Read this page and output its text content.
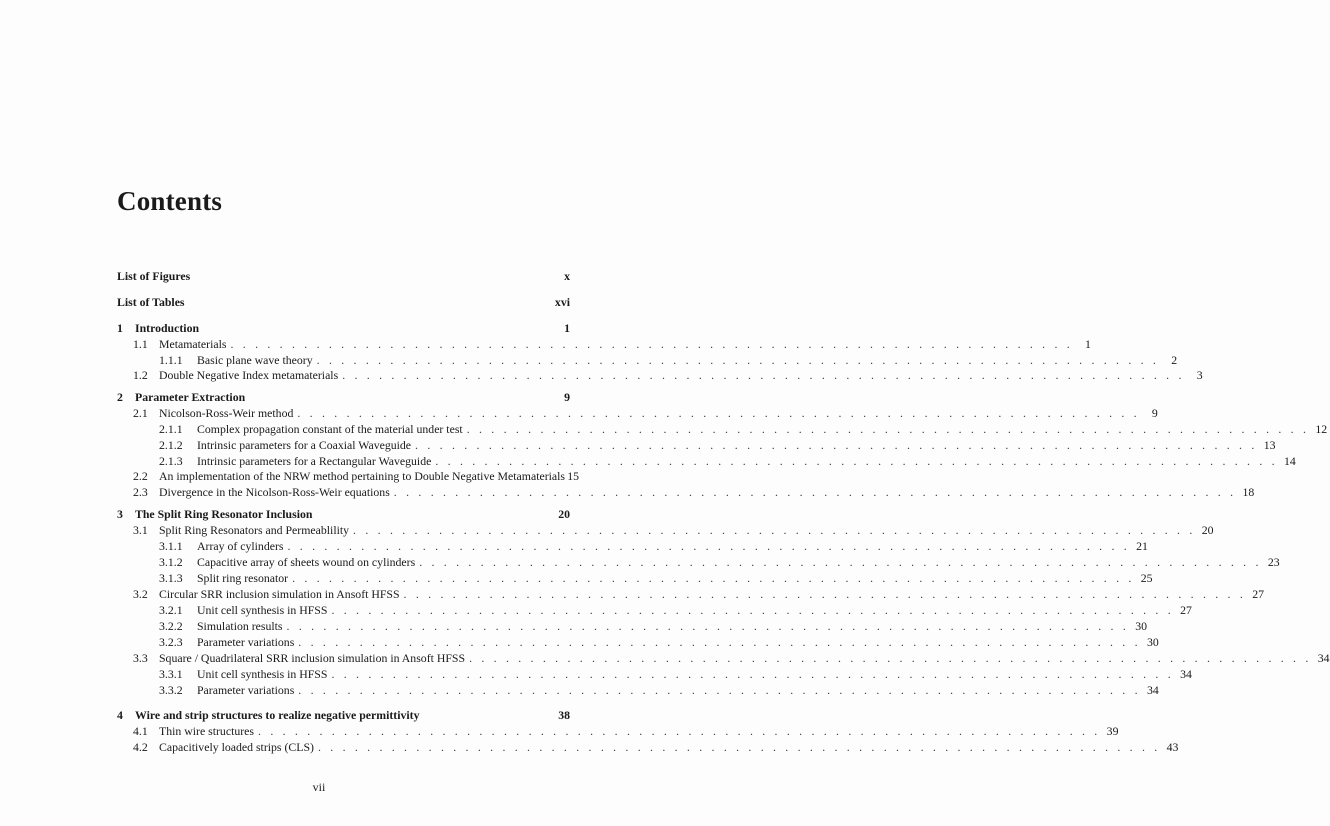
Contents
List of Figures	x
List of Tables	xvi
1	Introduction	1
1.1 Metamaterials . . .	1
1.1.1	Basic plane wave theory . . .	2
1.2 Double Negative Index metamaterials . . .	3
2	Parameter Extraction	9
2.1 Nicolson-Ross-Weir method . . .	9
2.1.1	Complex propagation constant of the material under test . . .	12
2.1.2	Intrinsic parameters for a Coaxial Waveguide . . .	13
2.1.3	Intrinsic parameters for a Rectangular Waveguide . . .	14
2.2 An implementation of the NRW method pertaining to Double Negative Metamaterials 15
2.3 Divergence in the Nicolson-Ross-Weir equations . . .	18
3	The Split Ring Resonator Inclusion	20
3.1 Split Ring Resonators and Permeablility . . .	20
3.1.1	Array of cylinders . . .	21
3.1.2	Capacitive array of sheets wound on cylinders . . .	23
3.1.3	Split ring resonator . . .	25
3.2 Circular SRR inclusion simulation in Ansoft HFSS . . .	27
3.2.1	Unit cell synthesis in HFSS . . .	27
3.2.2	Simulation results . . .	30
3.2.3	Parameter variations . . .	30
3.3 Square / Quadrilateral SRR inclusion simulation in Ansoft HFSS . . .	34
3.3.1	Unit cell synthesis in HFSS . . .	34
3.3.2	Parameter variations . . .	34
4	Wire and strip structures to realize negative permittivity	38
4.1 Thin wire structures . . .	39
4.2 Capacitively loaded strips (CLS) . . .	43
vii
